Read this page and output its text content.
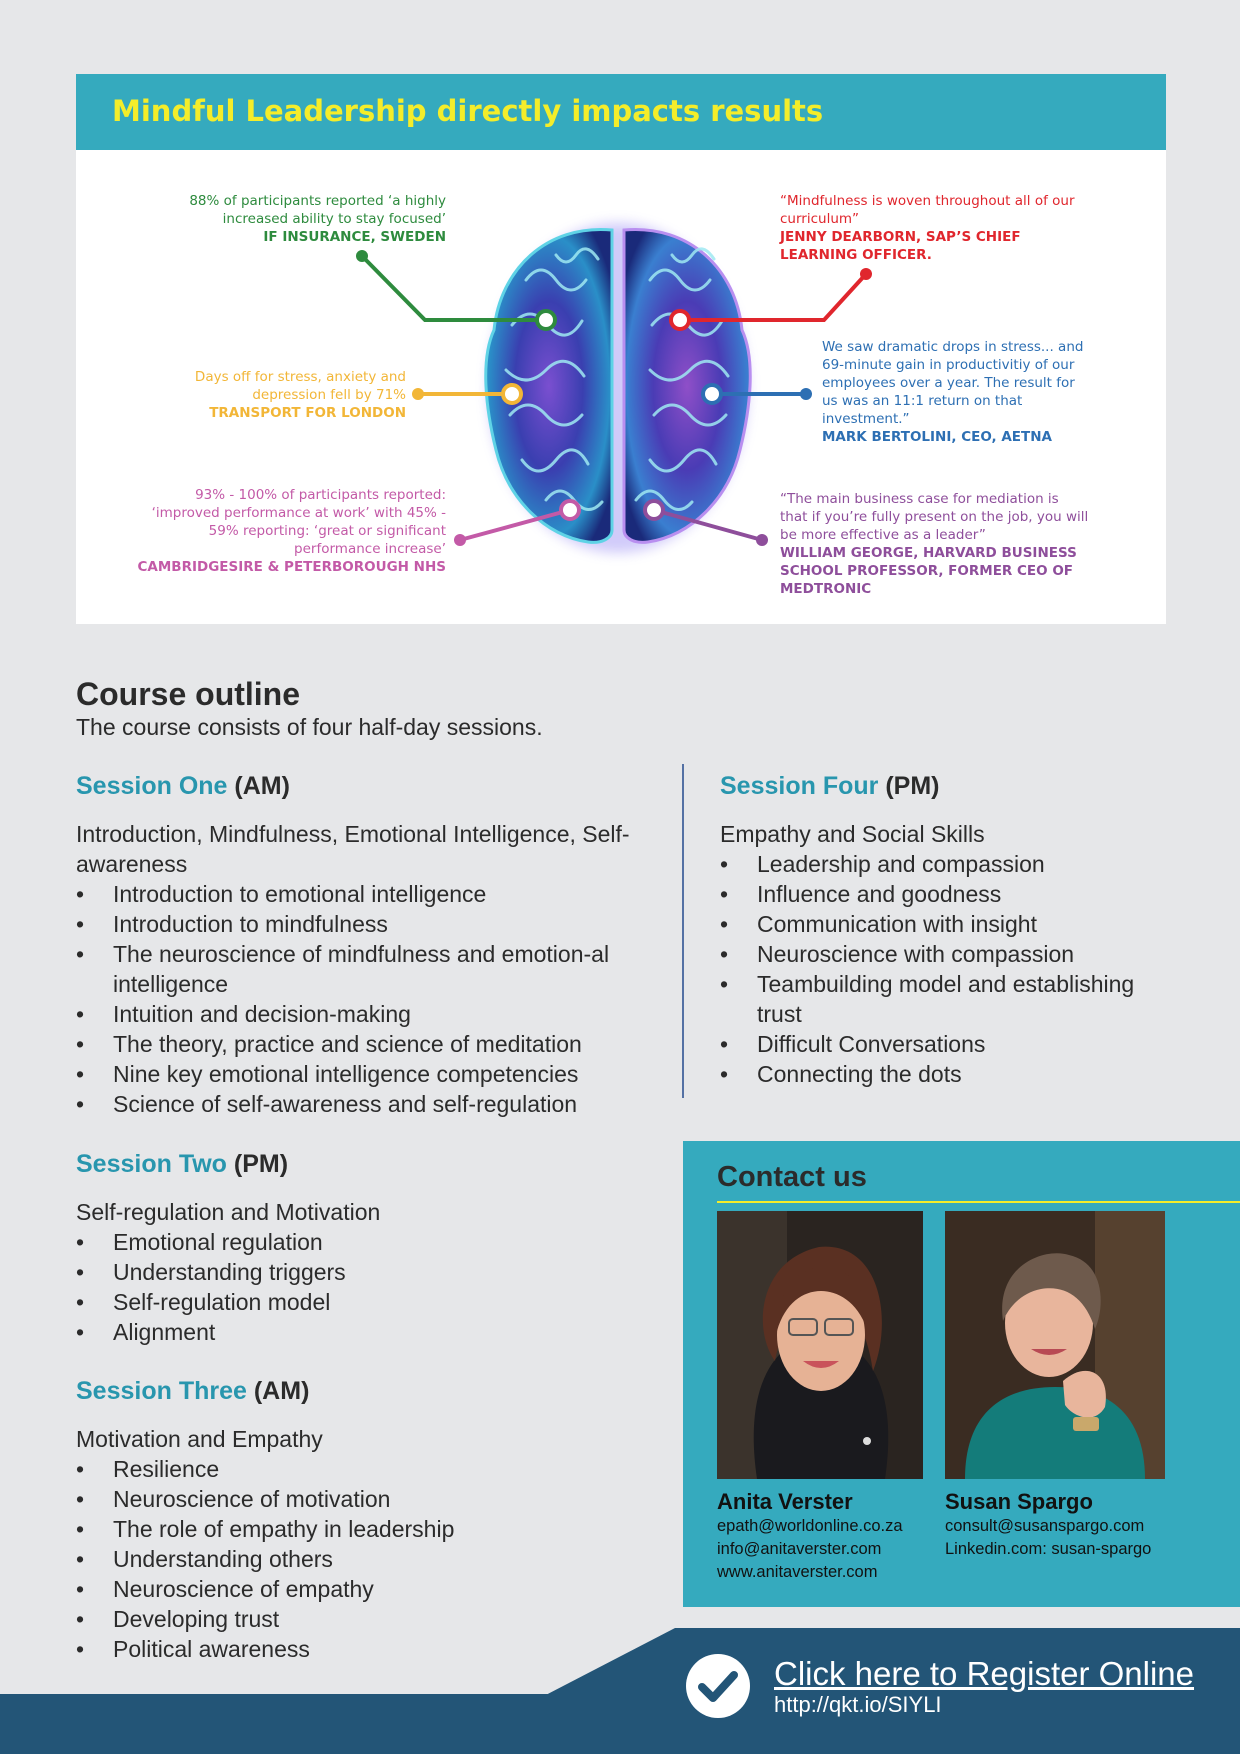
Mindful Leadership directly impacts results
88% of participants reported ‘a highly increased ability to stay focused’
IF INSURANCE, SWEDEN
Days off for stress, anxiety and depression fell by 71%
TRANSPORT FOR LONDON
93% - 100% of participants reported: ‘improved performance at work’ with 45% - 59% reporting: ‘great or significant performance increase’
CAMBRIDGESIRE & PETERBOROUGH NHS
“Mindfulness is woven throughout all of our curriculum”
JENNY DEARBORN, SAP’S CHIEF LEARNING OFFICER.
We saw dramatic drops in stress... and 69-minute gain in productivitiy of our employees over a year. The result for us was an 11:1 return on that investment.”
MARK BERTOLINI, CEO, AETNA
“The main business case for mediation is that if you’re fully present on the job, you will be more effective as a leader”
WILLIAM GEORGE, HARVARD BUSINESS SCHOOL PROFESSOR, FORMER CEO OF MEDTRONIC
Course outline
The course consists of four half-day sessions.
Session One (AM)
Introduction, Mindfulness, Emotional Intelligence, Self-awareness
• Introduction to emotional intelligence
• Introduction to mindfulness
• The neuroscience of mindfulness and emotion-al intelligence
• Intuition and decision-making
• The theory, practice and science of meditation
• Nine key emotional intelligence competencies
• Science of self-awareness and self-regulation
Session Two (PM)
Self-regulation and Motivation
• Emotional regulation
• Understanding triggers
• Self-regulation model
• Alignment
Session Three (AM)
Motivation and Empathy
• Resilience
• Neuroscience of motivation
• The role of empathy in leadership
• Understanding others
• Neuroscience of empathy
• Developing trust
• Political awareness
Session Four (PM)
Empathy and Social Skills
• Leadership and compassion
• Influence and goodness
• Communication with insight
• Neuroscience with compassion
• Teambuilding model and establishing trust
• Difficult Conversations
• Connecting the dots
Contact us
Anita Verster
epath@worldonline.co.za
info@anitaverster.com
www.anitaverster.com
Susan Spargo
consult@susanspargo.com
Linkedin.com: susan-spargo
Click here to Register Online
http://qkt.io/SIYLI
